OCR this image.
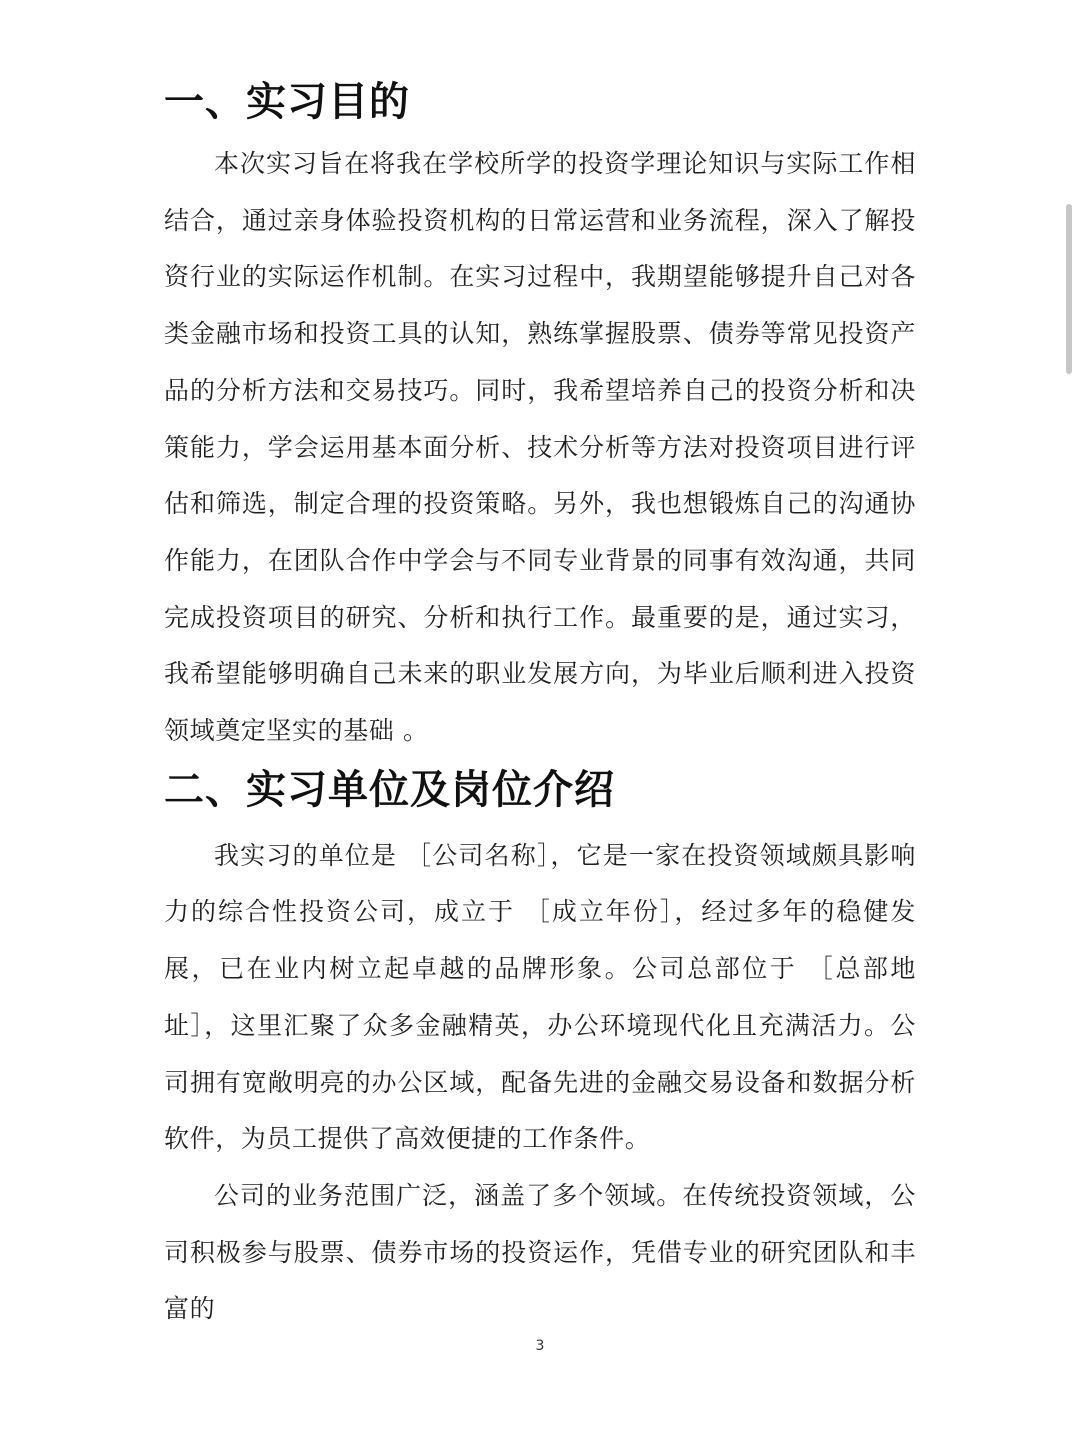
一、实习目的

本次实习旨在将我在学校所学的投资学理论知识与实际工作相结合，通过亲身体验投资机构的日常运营和业务流程，深入了解投资行业的实际运作机制。在实习过程中，我期望能够提升自己对各类金融市场和投资工具的认知，熟练掌握股票、债券等常见投资产品的分析方法和交易技巧。同时，我希望培养自己的投资分析和决策能力，学会运用基本面分析、技术分析等方法对投资项目进行评估和筛选，制定合理的投资策略。另外，我也想锻炼自己的沟通协作能力，在团队合作中学会与不同专业背景的同事有效沟通，共同完成投资项目的研究、分析和执行工作。最重要的是，通过实习，我希望能够明确自己未来的职业发展方向，为毕业后顺利进入投资领域奠定坚实的基础 。

二、实习单位及岗位介绍

我实习的单位是 ［公司名称］，它是一家在投资领域颇具影响力的综合性投资公司，成立于 ［成立年份］，经过多年的稳健发展，已在业内树立起卓越的品牌形象。公司总部位于 ［总部地址］，这里汇聚了众多金融精英，办公环境现代化且充满活力。公司拥有宽敞明亮的办公区域，配备先进的金融交易设备和数据分析软件，为员工提供了高效便捷的工作条件。

公司的业务范围广泛，涵盖了多个领域。在传统投资领域，公司积极参与股票、债券市场的投资运作，凭借专业的研究团队和丰富的

3
